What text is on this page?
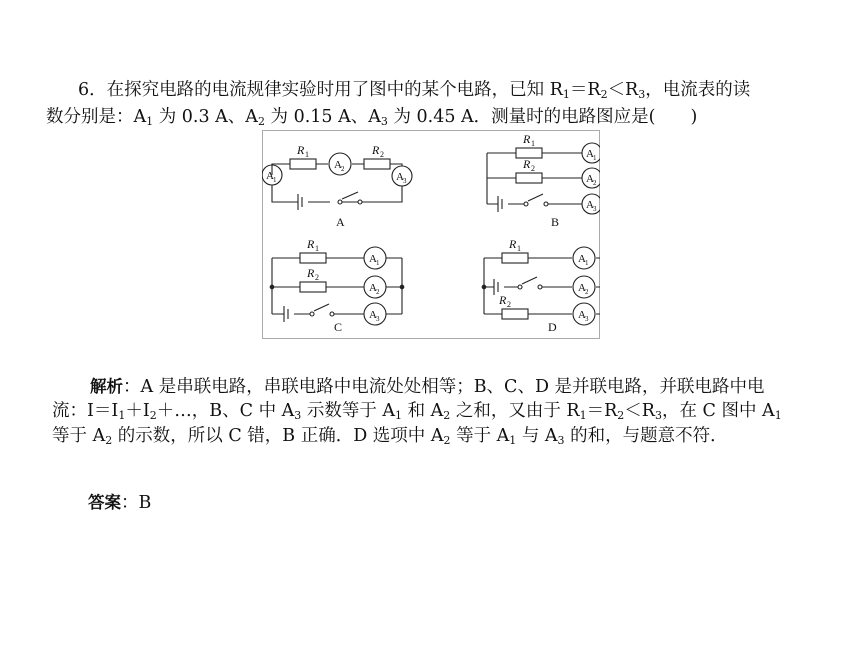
6．在探究电路的电流规律实验时用了图中的某个电路，已知 $R_1=R_2<R_3$，电流表的读
数分别是：$A_1$ 为 0.3 A、$A_2$ 为 0.15 A、$A_3$ 为 0.45 A．测量时的电路图应是(　　)
R 1	R 2
A 2
A 1	A 3
A
R 1
R 2
A 1
A 2
A 3
B
R 1
R 2
A 1
A 2
A 3
C
R 1
R 2
A 1
A 2
A 3
D
解析：A 是串联电路，串联电路中电流处处相等；B、C、D 是并联电路，并联电路中电
流：$I=I_1+I_2+\dots$，B、C 中 $A_3$ 示数等于 $A_1$ 和 $A_2$ 之和，又由于 $R_1=R_2<R_3$，在 C 图中 $A_1$
等于 $A_2$ 的示数，所以 C 错，B 正确．D 选项中 $A_2$ 等于 $A_1$ 与 $A_3$ 的和，与题意不符．
答案：B
